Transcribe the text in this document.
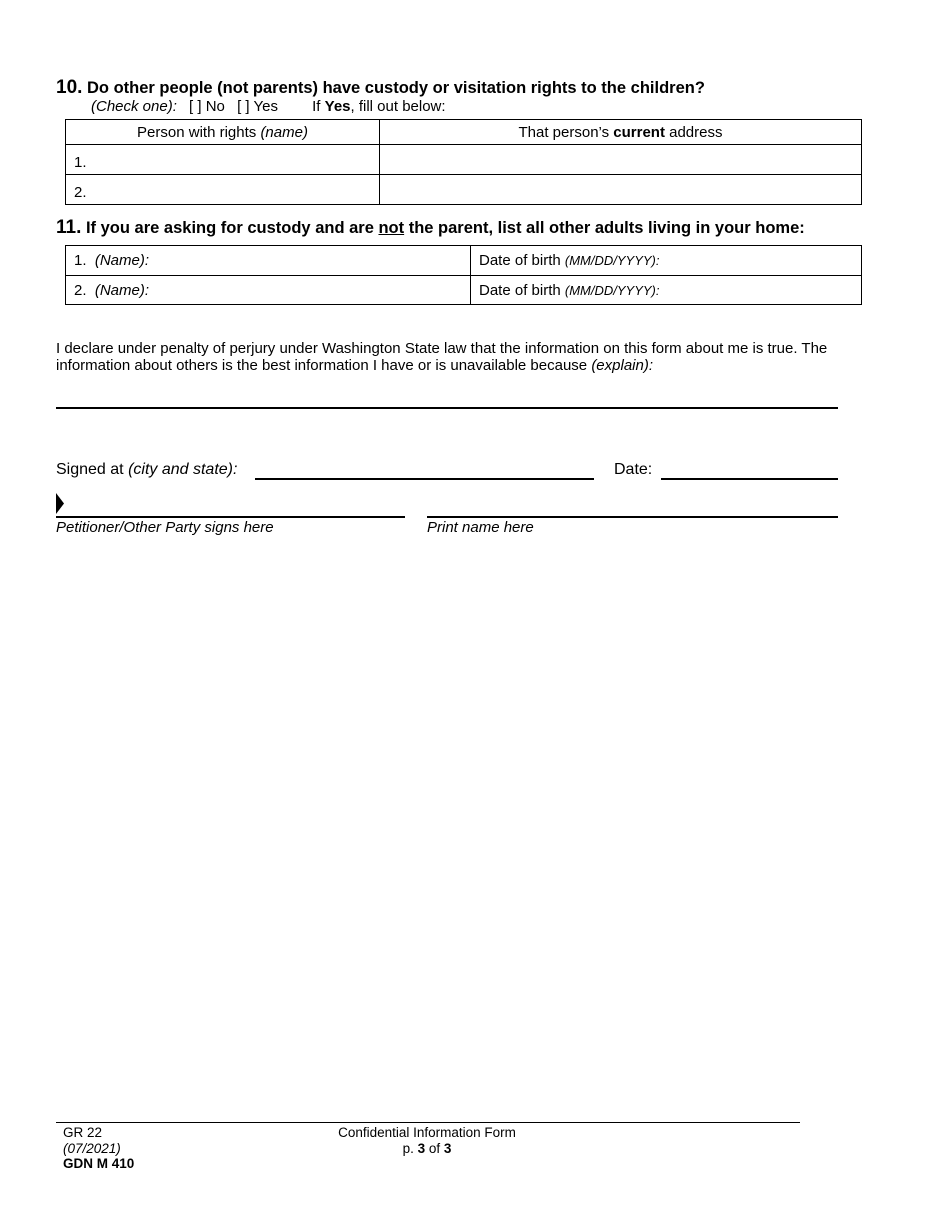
10. Do other people (not parents) have custody or visitation rights to the children?
(Check one): [ ] No [ ] Yes If Yes, fill out below:
Person with rights (name)	That person’s current address
1.	
2.	
11. If you are asking for custody and are not the parent, list all other adults living in your home:
1. (Name):	Date of birth (MM/DD/YYYY):
2. (Name):	Date of birth (MM/DD/YYYY):
I declare under penalty of perjury under Washington State law that the information on this form about me is true. The information about others is the best information I have or is unavailable because (explain):
Signed at (city and state):	Date:
Petitioner/Other Party signs here	Print name here
GR 22
(07/2021)
GDN M 410
Confidential Information Form
p. 3 of 3
